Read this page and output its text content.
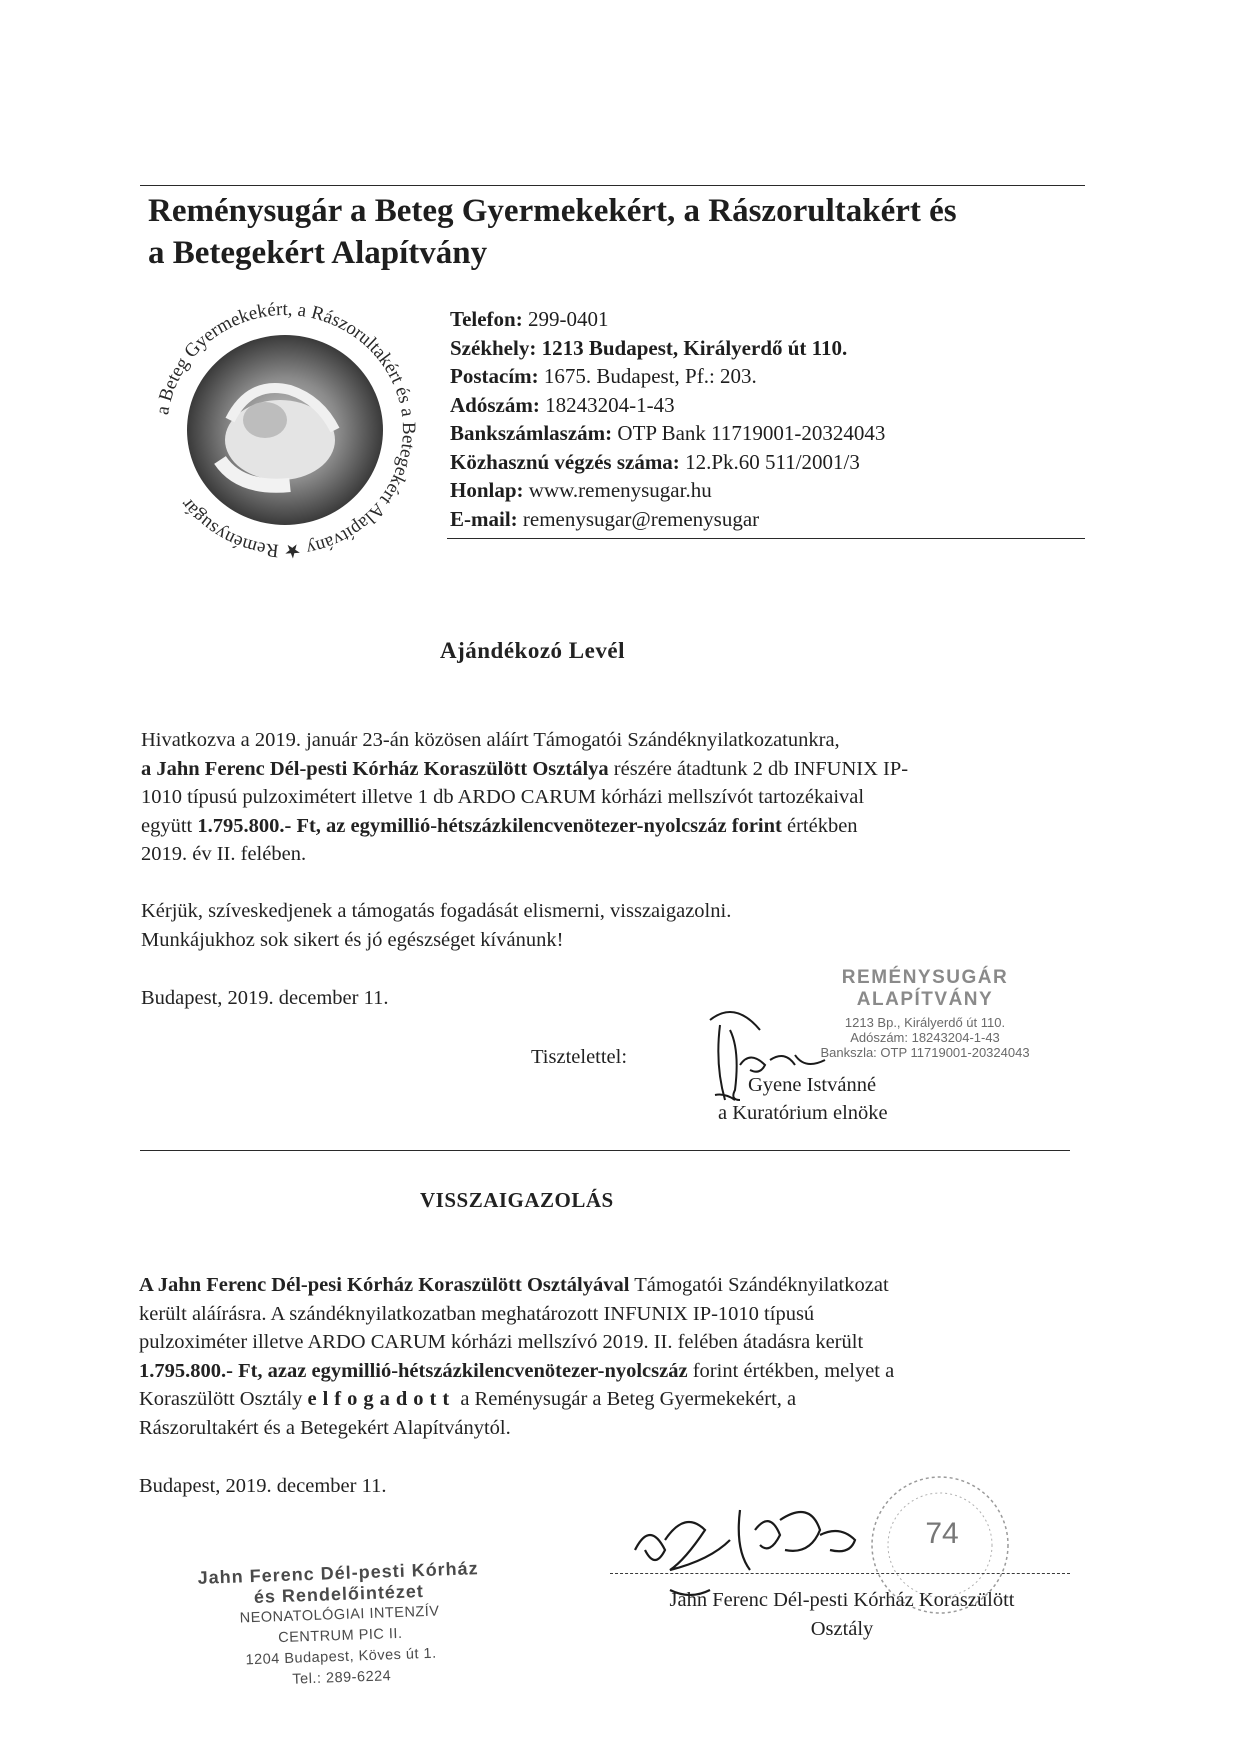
Reménysugár a Beteg Gyermekekért, a Rászorultakért és
a Betegekért Alapítvány
a Beteg Gyermekekért, a Rászorultakért és a Betegekért Alapítvány ★ Reménysugár
Telefon: 299-0401
Székhely: 1213 Budapest, Királyerdő út 110.
Postacím: 1675. Budapest, Pf.: 203.
Adószám: 18243204-1-43
Bankszámlaszám: OTP Bank 11719001-20324043
Közhasznú végzés száma: 12.Pk.60 511/2001/3
Honlap: www.remenysugar.hu
E-mail: remenysugar@remenysugar
Ajándékozó Levél
Hivatkozva a 2019. január 23-án közösen aláírt Támogatói Szándéknyilatkozatunkra,
a Jahn Ferenc Dél-pesti Kórház Koraszülött Osztálya részére átadtunk 2 db INFUNIX IP-
1010 típusú pulzoximétert illetve 1 db ARDO CARUM kórházi mellszívót tartozékaival
együtt 1.795.800.- Ft, az egymillió-hétszázkilencvenötezer-nyolcszáz forint értékben
2019. év II. felében.
Kérjük, szíveskedjenek a támogatás fogadását elismerni, visszaigazolni.
Munkájukhoz sok sikert és jó egészséget kívánunk!
Budapest, 2019. december 11.
REMÉNYSUGÁR ALAPÍTVÁNY
1213 Bp., Királyerdő út 110.
Adószám: 18243204-1-43
Bankszla: OTP 11719001-20324043
Tisztelettel:
Gyene Istvánné
a Kuratórium elnöke
VISSZAIGAZOLÁS
A Jahn Ferenc Dél-pesi Kórház Koraszülött Osztályával Támogatói Szándéknyilatkozat
került aláírásra. A szándéknyilatkozatban meghatározott INFUNIX IP-1010 típusú
pulzoximéter illetve ARDO CARUM kórházi mellszívó 2019. II. felében átadásra került
1.795.800.- Ft, azaz egymillió-hétszázkilencvenötezer-nyolcszáz forint értékben, melyet a
Koraszülött Osztály elfogadott a Reménysugár a Beteg Gyermekekért, a
Rászorultakért és a Betegekért Alapítványtól.
Budapest, 2019. december 11.
74
Jahn Ferenc Dél-pesti Kórház Koraszülött
Osztály
Jahn Ferenc Dél-pesti Kórház
és Rendelőintézet
NEONATOLÓGIAI INTENZÍV
CENTRUM PIC II.
1204 Budapest, Köves út 1.
Tel.: 289-6224
